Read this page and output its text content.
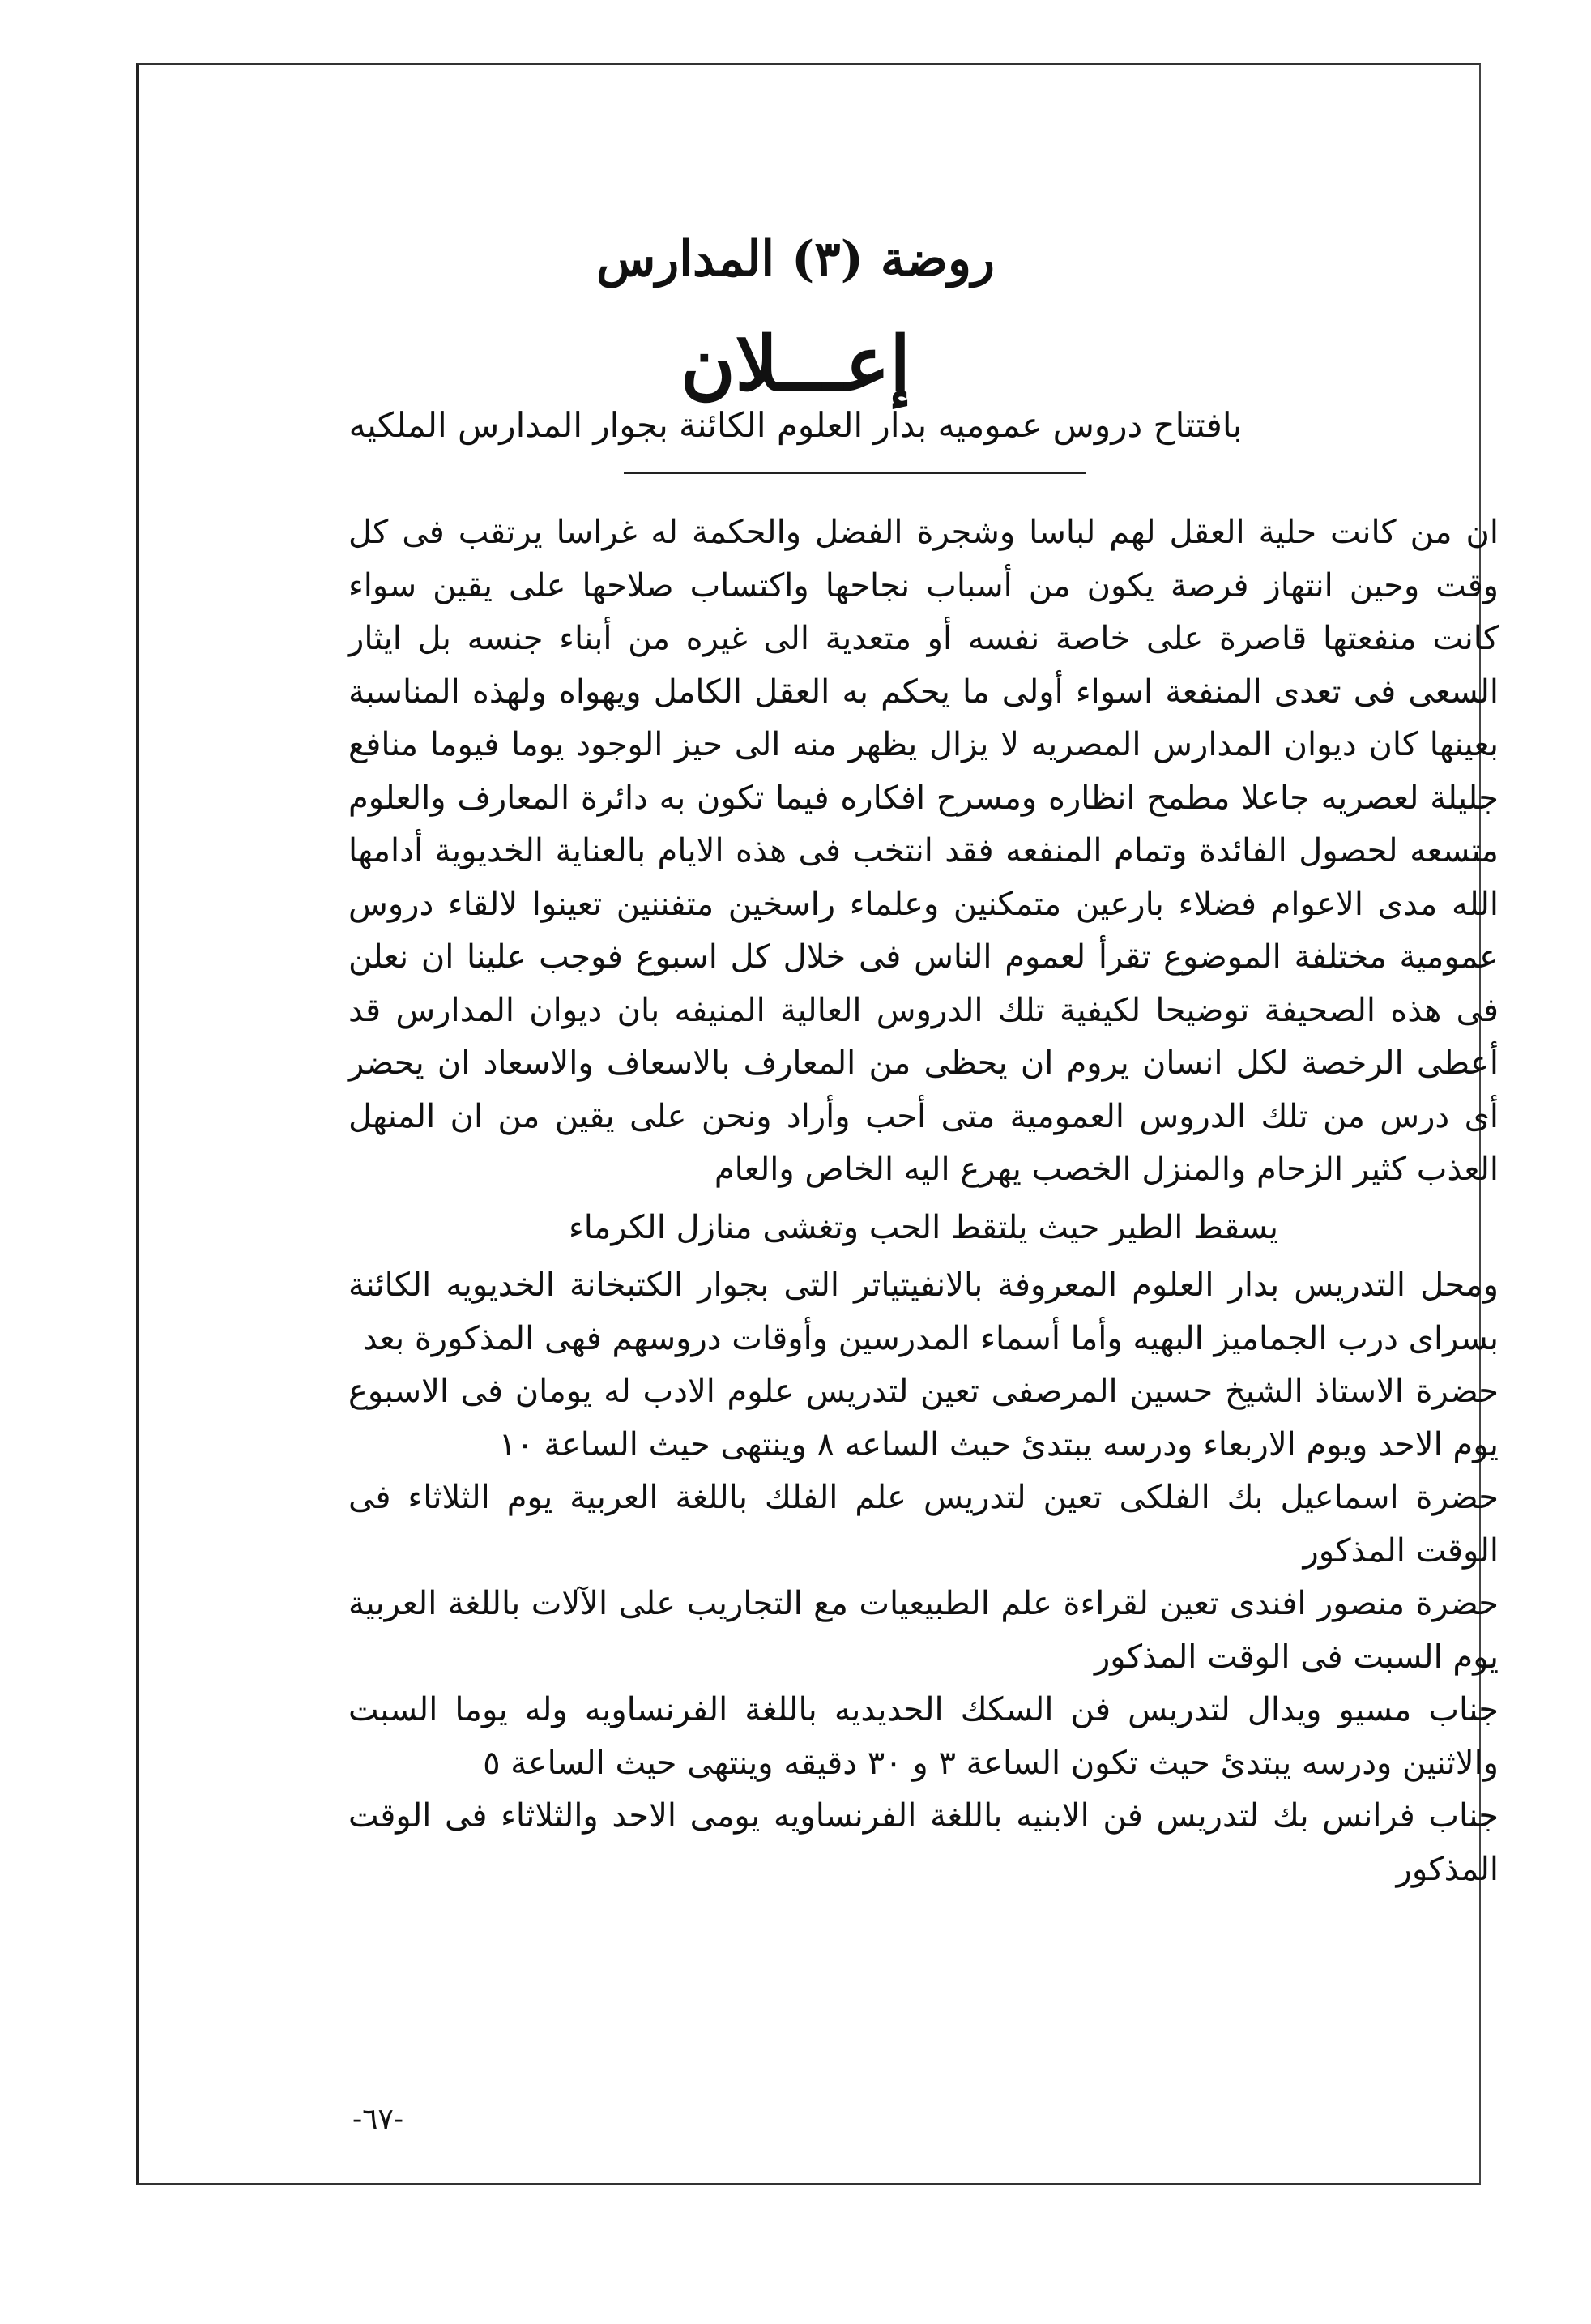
روضة (٣) المدارس
إعـــلان
بافتتاح دروس عموميه بدار العلوم الكائنة بجوار المدارس الملكيه

ان من كانت حلية العقل لهم لباسا وشجرة الفضل والحكمة له غراسا يرتقب فى كل وقت وحين انتهاز فرصة يكون من أسباب نجاحها واكتساب صلاحها على يقين سواء كانت منفعتها قاصرة على خاصة نفسه أو متعدية الى غيره من أبناء جنسه بل ايثار السعى فى تعدى المنفعة اسواء أولى ما يحكم به العقل الكامل ويهواه ولهذه المناسبة بعينها كان ديوان المدارس المصريه لا يزال يظهر منه الى حيز الوجود يوما فيوما منافع جليلة لعصريه جاعلا مطمح انظاره ومسرح افكاره فيما تكون به دائرة المعارف والعلوم متسعه لحصول الفائدة وتمام المنفعه فقد انتخب فى هذه الايام بالعناية الخديوية أدامها الله مدى الاعوام فضلاء بارعين متمكنين وعلماء راسخين متفننين تعينوا لالقاء دروس عمومية مختلفة الموضوع تقرأ لعموم الناس فى خلال كل اسبوع فوجب علينا ان نعلن فى هذه الصحيفة توضيحا لكيفية تلك الدروس العالية المنيفه بان ديوان المدارس قد أعطى الرخصة لكل انسان يروم ان يحظى من المعارف بالاسعاف والاسعاد ان يحضر أى درس من تلك الدروس العمومية متى أحب وأراد ونحن على يقين من ان المنهل العذب كثير الزحام والمنزل الخصب يهرع اليه الخاص والعام

يسقط الطير حيث يلتقط الحب وتغشى منازل الكرماء

ومحل التدريس بدار العلوم المعروفة بالانفيتياتر التى بجوار الكتبخانة الخديويه الكائنة بسراى درب الجماميز البهيه وأما أسماء المدرسين وأوقات دروسهم فهى المذكورة بعد

حضرة الاستاذ الشيخ حسين المرصفى تعين لتدريس علوم الادب له يومان فى الاسبوع يوم الاحد ويوم الاربعاء ودرسه يبتدئ حيث الساعه ٨ وينتهى حيث الساعة ١٠

حضرة اسماعيل بك الفلكى تعين لتدريس علم الفلك باللغة العربية يوم الثلاثاء فى الوقت المذكور

حضرة منصور افندى تعين لقراءة علم الطبيعيات مع التجاريب على الآلات باللغة العربية يوم السبت فى الوقت المذكور

جناب مسيو ويدال لتدريس فن السكك الحديديه باللغة الفرنساويه وله يوما السبت والاثنين ودرسه يبتدئ حيث تكون الساعة ٣ و ٣٠ دقيقه وينتهى حيث الساعة ٥

جناب فرانس بك لتدريس فن الابنيه باللغة الفرنساويه يومى الاحد والثلاثاء فى الوقت المذكور

-٦٧-
